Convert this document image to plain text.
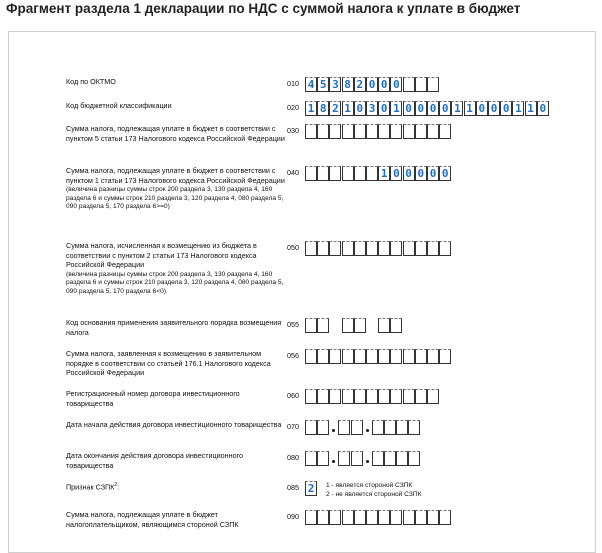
Фрагмент раздела 1 декларации по НДС с суммой налога к уплате в бюджет
Код по ОКТМО	010 4 5 3 8 2 0 0 0
Код бюджетной классификации	020 1 8 2 1 0 3 0 1 0 0 0 0 1 1 0 0 0 1 1 0
Сумма налога, подлежащая уплате в бюджет в соответствии с пунктом 5 статьи 173 Налогового кодекса Российской Федерации
030
Сумма налога, подлежащая уплате в бюджет в соответствии с пунктом 1 статьи 173 Налогового кодекса Российской Федерации
(величина разницы суммы строк 200 раздела 3, 130 раздела 4, 160 раздела 6 и суммы строк 210 раздела 3, 120 раздела 4, 080 раздела 5, 090 раздела 5, 170 раздела 6>=0)
040	1 0 0 0 0 0
Сумма налога, исчисленная к возмещению из бюджета в соответствии с пунктом 2 статьи 173 Налогового кодекса Российской Федерации
(величина разницы суммы строк 200 раздела 3, 130 раздела 4, 160 раздела 6 и суммы строк 210 раздела 3, 120 раздела 4, 080 раздела 5, 090 раздела 5, 170 раздела 6<0)
050
Код основания применения заявительного порядка возмещения налога
055
Сумма налога, заявленная к возмещению в заявительном порядке в соответствии со статьей 176.1 Налогового кодекса Российской Федерации
056
Регистрационный номер договора инвестиционного товарищества
060
Дата начала действия договора инвестиционного товарищества 070
Дата окончания действия договора инвестиционного товарищества
080
Признак СЗПК$^2$:	085 2	1 - является стороной СЗПК
2 - не является стороной СЗПК
Сумма налога, подлежащая уплате в бюджет налогоплательщиком, являющимся стороной СЗПК
090
